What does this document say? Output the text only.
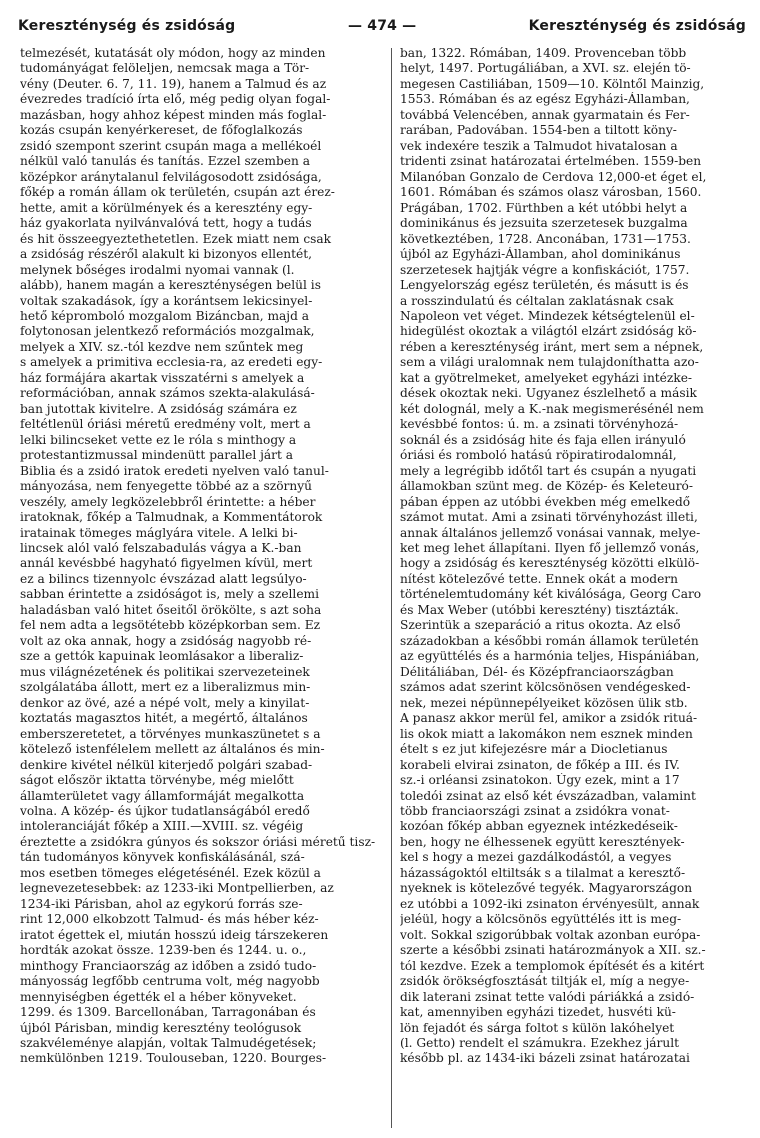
Kereszténység és zsidóság	— 474 —	Kereszténység és zsidóság
telmezését, kutatását oly módon, hogy az minden
tudományágat felöleljen, nemcsak maga a Tör-
vény (Deuter. 6. 7, 11. 19), hanem a Talmud és az
évezredes tradíció írta elő, még pedig olyan fogal-
mazásban, hogy ahhoz képest minden más foglal-
kozás csupán kenyérkereset, de főfoglalkozás
zsidó szempont szerint csupán maga a mellékoél
nélkül való tanulás és tanítás. Ezzel szemben a
középkor aránytalanul felvilágosodott zsidósága,
főkép a román állam ok területén, csupán azt érez-
hette, amit a körülmények és a keresztény egy-
ház gyakorlata nyilvánvalóvá tett, hogy a tudás
és hit összeegyeztethetetlen. Ezek miatt nem csak
a zsidóság részéről alakult ki bizonyos ellentét,
melynek bőséges irodalmi nyomai vannak (l.
alább), hanem magán a kereszténységen belül is
voltak szakadások, így a korántsem lekicsinyel-
hető képromboló mozgalom Bizáncban, majd a
folytonosan jelentkező reformációs mozgalmak,
melyek a XIV. sz.-tól kezdve nem szűntek meg
s amelyek a primitiva ecclesia-ra, az eredeti egy-
ház formájára akartak visszatérni s amelyek a
reformációban, annak számos szekta-alakulásá-
ban jutottak kivitelre. A zsidóság számára ez
feltétlenül óriási méretű eredmény volt, mert a
lelki bilincseket vette ez le róla s minthogy a
protestantizmussal mindenütt parallel járt a
Biblia és a zsidó iratok eredeti nyelven való tanul-
mányozása, nem fenyegette többé az a szörnyű
veszély, amely legközelebbről érintette: a héber
iratoknak, főkép a Talmudnak, a Kommentátorok
iratainak tömeges máglyára vitele. A lelki bi-
lincsek alól való felszabadulás vágya a K.-ban
annál kevésbbé hagyható figyelmen kívül, mert
ez a bilincs tizennyolc évszázad alatt legsúlyo-
sabban érintette a zsidóságot is, mely a szellemi
haladásban való hitet őseitől örökölte, s azt soha
fel nem adta a legsötétebb középkorban sem. Ez
volt az oka annak, hogy a zsidóság nagyobb ré-
sze a gettók kapuinak leomlásakor a liberaliz-
mus világnézetének és politikai szervezeteinek
szolgálatába állott, mert ez a liberalizmus min-
denkor az övé, azé a népé volt, mely a kinyilat-
koztatás magasztos hitét, a megértő, általános
emberszeretetet, a törvényes munkaszünetet s a
kötelező istenfélelem mellett az általános és min-
denkire kivétel nélkül kiterjedő polgári szabad-
ságot először iktatta törvénybe, még mielőtt
államterületet vagy államformáját megalkotta
volna. A közép- és újkor tudatlanságából eredő
intoleranciáját főkép a XIII.—XVIII. sz. végéig
éreztette a zsidókra gúnyos és sokszor óriási méretű tisz-
tán tudományos könyvek konfiskálásánál, szá-
mos esetben tömeges elégetésénél. Ezek közül a
legnevezetesebbek: az 1233-iki Montpellierben, az
1234-iki Párisban, ahol az egykorú forrás sze-
rint 12,000 elkobzott Talmud- és más héber kéz-
iratot égettek el, miután hosszú ideig társzekeren
hordták azokat össze. 1239-ben és 1244. u. o.,
minthogy Franciaország az időben a zsidó tudo-
mányosság legfőbb centruma volt, még nagyobb
mennyiségben égették el a héber könyveket.
1299. és 1309. Barcellonában, Tarragonában és
újból Párisban, mindig keresztény teológusok
szakvéleménye alapján, voltak Talmudégetések;
nemkülönben 1219. Toulouseban, 1220. Bourges-
ban, 1322. Rómában, 1409. Provenceban több
helyt, 1497. Portugáliában, a XVI. sz. elején tö-
megesen Castiliában, 1509—10. Kölntől Mainzig,
1553. Rómában és az egész Egyházi-Államban,
továbbá Velencében, annak gyarmatain és Fer-
rarában, Padovában. 1554-ben a tiltott köny-
vek indexére teszik a Talmudot hivatalosan a
tridenti zsinat határozatai értelmében. 1559-ben
Milanóban Gonzalo de Cerdova 12,000-et éget el,
1601. Rómában és számos olasz városban, 1560.
Prágában, 1702. Fürthben a két utóbbi helyt a
dominikánus és jezsuita szerzetesek buzgalma
következtében, 1728. Anconában, 1731—1753.
újból az Egyházi-Államban, ahol dominikánus
szerzetesek hajtják végre a konfiskációt, 1757.
Lengyelország egész területén, és másutt is és
a rosszindulatú és céltalan zaklatásnak csak
Napoleon vet véget. Mindezek kétségtelenül el-
hidegülést okoztak a világtól elzárt zsidóság kö-
rében a kereszténység iránt, mert sem a népnek,
sem a világi uralomnak nem tulajdoníthatta azo-
kat a gyötrelmeket, amelyeket egyházi intézke-
dések okoztak neki. Ugyanez észlelhető a másik
két dolognál, mely a K.-nak megismerésénél nem
kevésbbé fontos: ú. m. a zsinati törvényhozá-
soknál és a zsidóság hite és faja ellen irányuló
óriási és romboló hatású röpiratirodalomnál,
mely a legrégibb időtől tart és csupán a nyugati
államokban szünt meg. de Közép- és Keleteuró-
pában éppen az utóbbi években még emelkedő
számot mutat. Ami a zsinati törvényhozást illeti,
annak általános jellemző vonásai vannak, melye-
ket meg lehet állapítani. Ilyen fő jellemző vonás,
hogy a zsidóság és kereszténység közötti elkülö-
nítést kötelezővé tette. Ennek okát a modern
történelemtudomány két kiválósága, Georg Caro
és Max Weber (utóbbi keresztény) tisztázták.
Szerintük a szeparáció a ritus okozta. Az első
századokban a későbbi román államok területén
az együttélés és a harmónia teljes, Hispániában,
Délitáliában, Dél- és Középfranciaországban
számos adat szerint kölcsönösen vendégesked-
nek, mezei népünnepélyeiket közösen ülik stb.
A panasz akkor merül fel, amikor a zsidók rituá-
lis okok miatt a lakomákon nem esznek minden
ételt s ez jut kifejezésre már a Diocletianus
korabeli elvirai zsinaton, de főkép a III. és IV.
sz.-i orléansi zsinatokon. Úgy ezek, mint a 17
toledói zsinat az első két évszázadban, valamint
több franciaországi zsinat a zsidókra vonat-
kozóan főkép abban egyeznek intézkedéseik-
ben, hogy ne élhessenek együtt keresztények-
kel s hogy a mezei gazdálkodástól, a vegyes
házasságoktól eltiltsák s a tilalmat a keresztő-
nyeknek is kötelezővé tegyék. Magyarországon
ez utóbbi a 1092-iki zsinaton érvényesült, annak
jeléül, hogy a kölcsönös együttélés itt is meg-
volt. Sokkal szigorúbbak voltak azonban európa-
szerte a későbbi zsinati határozmányok a XII. sz.-
tól kezdve. Ezek a templomok építését és a kitért
zsidók örökségfosztását tiltják el, míg a negye-
dik laterani zsinat tette valódi páriákká a zsidó-
kat, amennyiben egyházi tizedet, husvéti kü-
lön fejadót és sárga foltot s külön lakóhelyet
(l. Getto) rendelt el számukra. Ezekhez járult
később pl. az 1434-iki bázeli zsinat határozatai
